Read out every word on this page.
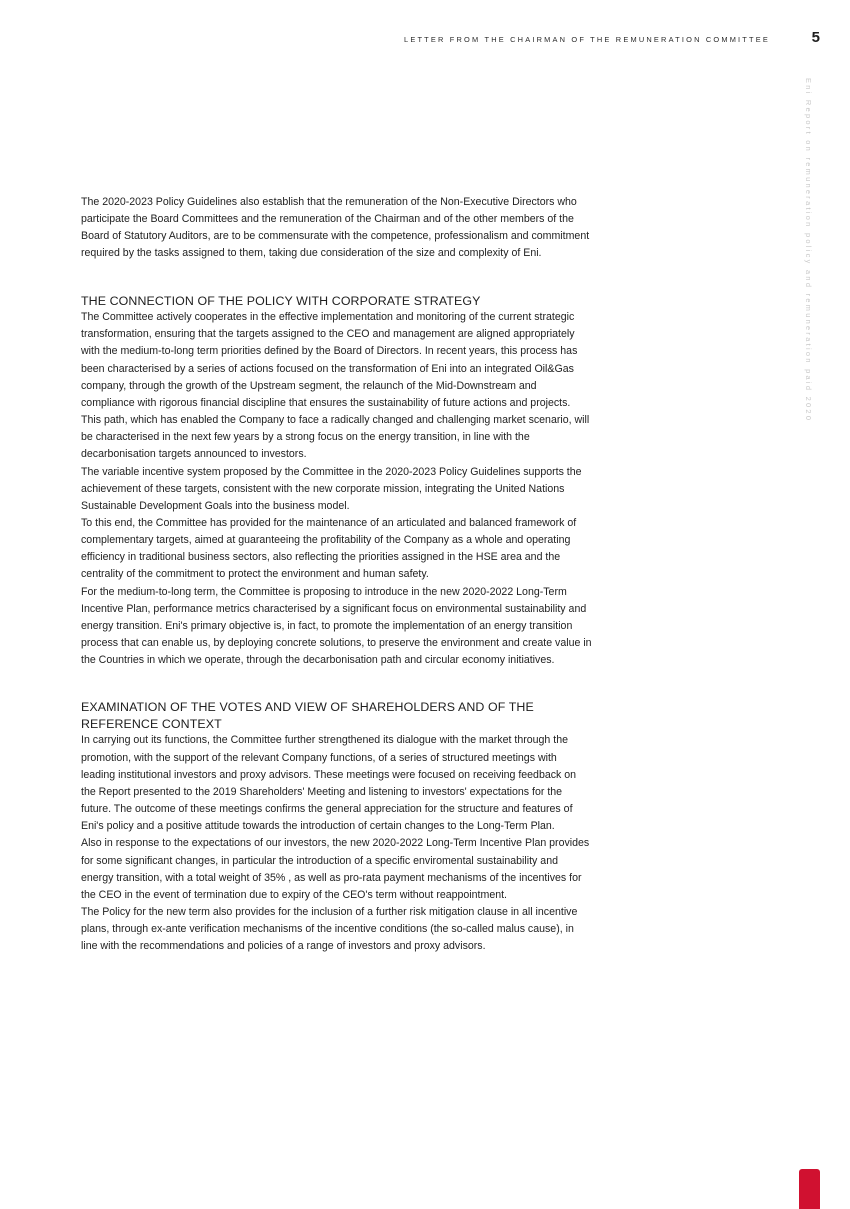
LETTER FROM THE CHAIRMAN OF THE REMUNERATION COMMITTEE	5
Eni Report on remuneration policy and remuneration paid 2020

The 2020-2023 Policy Guidelines also establish that the remuneration of the Non-Executive Directors who participate the Board Committees and the remuneration of the Chairman and of the other members of the Board of Statutory Auditors, are to be commensurate with the competence, professionalism and commitment required by the tasks assigned to them, taking due consideration of the size and complexity of Eni.

THE CONNECTION OF THE POLICY WITH CORPORATE STRATEGY

The Committee actively cooperates in the effective implementation and monitoring of the current strategic transformation, ensuring that the targets assigned to the CEO and management are aligned appropriately with the medium-to-long term priorities defined by the Board of Directors. In recent years, this process has been characterised by a series of actions focused on the transformation of Eni into an integrated Oil&Gas company, through the growth of the Upstream segment, the relaunch of the Mid-Downstream and compliance with rigorous financial discipline that ensures the sustainability of future actions and projects.

This path, which has enabled the Company to face a radically changed and challenging market scenario, will be characterised in the next few years by a strong focus on the energy transition, in line with the decarbonisation targets announced to investors.

The variable incentive system proposed by the Committee in the 2020-2023 Policy Guidelines supports the achievement of these targets, consistent with the new corporate mission, integrating the United Nations Sustainable Development Goals into the business model.

To this end, the Committee has provided for the maintenance of an articulated and balanced framework of complementary targets, aimed at guaranteeing the profitability of the Company as a whole and operating efficiency in traditional business sectors, also reflecting the priorities assigned in the HSE area and the centrality of the commitment to protect the environment and human safety.

For the medium-to-long term, the Committee is proposing to introduce in the new 2020-2022 Long-Term Incentive Plan, performance metrics characterised by a significant focus on environmental sustainability and energy transition. Eni's primary objective is, in fact, to promote the implementation of an energy transition process that can enable us, by deploying concrete solutions, to preserve the environment and create value in the Countries in which we operate, through the decarbonisation path and circular economy initiatives.

EXAMINATION OF THE VOTES AND VIEW OF SHAREHOLDERS AND OF THE REFERENCE CONTEXT

In carrying out its functions, the Committee further strengthened its dialogue with the market through the promotion, with the support of the relevant Company functions, of a series of structured meetings with leading institutional investors and proxy advisors. These meetings were focused on receiving feedback on the Report presented to the 2019 Shareholders' Meeting and listening to investors' expectations for the future. The outcome of these meetings confirms the general appreciation for the structure and features of Eni's policy and a positive attitude towards the introduction of certain changes to the Long-Term Plan.

Also in response to the expectations of our investors, the new 2020-2022 Long-Term Incentive Plan provides for some significant changes, in particular the introduction of a specific enviromental sustainability and energy transition, with a total weight of 35% , as well as pro-rata payment mechanisms of the incentives for the CEO in the event of termination due to expiry of the CEO's term without reappointment.

The Policy for the new term also provides for the inclusion of a further risk mitigation clause in all incentive plans, through ex-ante verification mechanisms of the incentive conditions (the so-called malus cause), in line with the recommendations and policies of a range of investors and proxy advisors.
